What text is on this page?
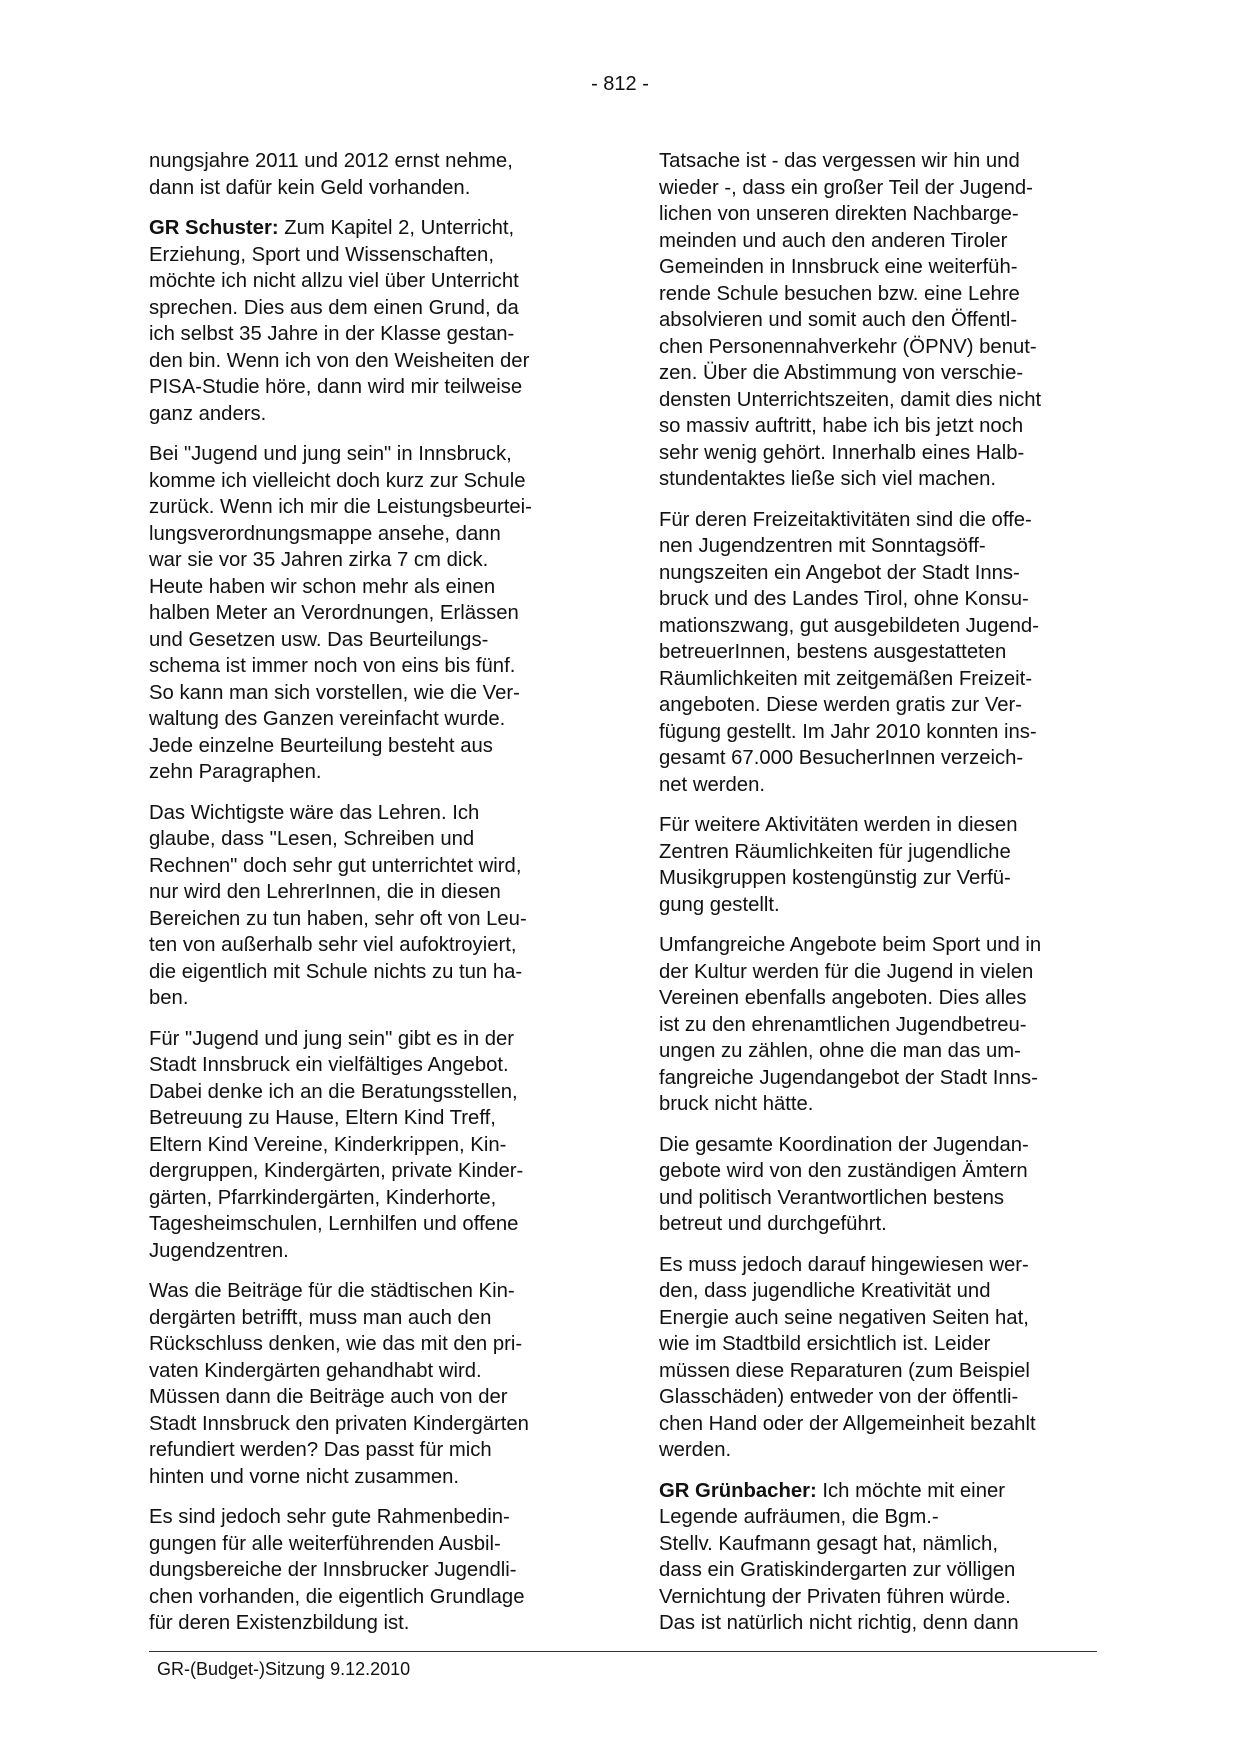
- 812 -

nungsjahre 2011 und 2012 ernst nehme,
dann ist dafür kein Geld vorhanden.

GR Schuster: Zum Kapitel 2, Unterricht,
Erziehung, Sport und Wissenschaften,
möchte ich nicht allzu viel über Unterricht
sprechen. Dies aus dem einen Grund, da
ich selbst 35 Jahre in der Klasse gestan-
den bin. Wenn ich von den Weisheiten der
PISA-Studie höre, dann wird mir teilweise
ganz anders.

Bei "Jugend und jung sein" in Innsbruck,
komme ich vielleicht doch kurz zur Schule
zurück. Wenn ich mir die Leistungsbeurtei-
lungsverordnungsmappe ansehe, dann
war sie vor 35 Jahren zirka 7 cm dick.
Heute haben wir schon mehr als einen
halben Meter an Verordnungen, Erlässen
und Gesetzen usw. Das Beurteilungs-
schema ist immer noch von eins bis fünf.
So kann man sich vorstellen, wie die Ver-
waltung des Ganzen vereinfacht wurde.
Jede einzelne Beurteilung besteht aus
zehn Paragraphen.

Das Wichtigste wäre das Lehren. Ich
glaube, dass "Lesen, Schreiben und
Rechnen" doch sehr gut unterrichtet wird,
nur wird den LehrerInnen, die in diesen
Bereichen zu tun haben, sehr oft von Leu-
ten von außerhalb sehr viel aufoktroyiert,
die eigentlich mit Schule nichts zu tun ha-
ben.

Für "Jugend und jung sein" gibt es in der
Stadt Innsbruck ein vielfältiges Angebot.
Dabei denke ich an die Beratungsstellen,
Betreuung zu Hause, Eltern Kind Treff,
Eltern Kind Vereine, Kinderkrippen, Kin-
dergruppen, Kindergärten, private Kinder-
gärten, Pfarrkindergärten, Kinderhorte,
Tagesheimschulen, Lernhilfen und offene
Jugendzentren.

Was die Beiträge für die städtischen Kin-
dergärten betrifft, muss man auch den
Rückschluss denken, wie das mit den pri-
vaten Kindergärten gehandhabt wird.
Müssen dann die Beiträge auch von der
Stadt Innsbruck den privaten Kindergärten
refundiert werden? Das passt für mich
hinten und vorne nicht zusammen.

Es sind jedoch sehr gute Rahmenbedin-
gungen für alle weiterführenden Ausbil-
dungsbereiche der Innsbrucker Jugendli-
chen vorhanden, die eigentlich Grundlage
für deren Existenzbildung ist.

Tatsache ist - das vergessen wir hin und
wieder -, dass ein großer Teil der Jugend-
lichen von unseren direkten Nachbarge-
meinden und auch den anderen Tiroler
Gemeinden in Innsbruck eine weiterfüh-
rende Schule besuchen bzw. eine Lehre
absolvieren und somit auch den Öffentl-
chen Personennahverkehr (ÖPNV) benut-
zen. Über die Abstimmung von verschie-
densten Unterrichtszeiten, damit dies nicht
so massiv auftritt, habe ich bis jetzt noch
sehr wenig gehört. Innerhalb eines Halb-
stundentaktes ließe sich viel machen.

Für deren Freizeitaktivitäten sind die offe-
nen Jugendzentren mit Sonntagsöff-
nungszeiten ein Angebot der Stadt Inns-
bruck und des Landes Tirol, ohne Konsu-
mationszwang, gut ausgebildeten Jugend-
betreuerInnen, bestens ausgestatteten
Räumlichkeiten mit zeitgemäßen Freizeit-
angeboten. Diese werden gratis zur Ver-
fügung gestellt. Im Jahr 2010 konnten ins-
gesamt 67.000 BesucherInnen verzeich-
net werden.

Für weitere Aktivitäten werden in diesen
Zentren Räumlichkeiten für jugendliche
Musikgruppen kostengünstig zur Verfü-
gung gestellt.

Umfangreiche Angebote beim Sport und in
der Kultur werden für die Jugend in vielen
Vereinen ebenfalls angeboten. Dies alles
ist zu den ehrenamtlichen Jugendbetreu-
ungen zu zählen, ohne die man das um-
fangreiche Jugendangebot der Stadt Inns-
bruck nicht hätte.

Die gesamte Koordination der Jugendan-
gebote wird von den zuständigen Ämtern
und politisch Verantwortlichen bestens
betreut und durchgeführt.

Es muss jedoch darauf hingewiesen wer-
den, dass jugendliche Kreativität und
Energie auch seine negativen Seiten hat,
wie im Stadtbild ersichtlich ist. Leider
müssen diese Reparaturen (zum Beispiel
Glasschäden) entweder von der öffentli-
chen Hand oder der Allgemeinheit bezahlt
werden.

GR Grünbacher: Ich möchte mit einer
Legende aufräumen, die Bgm.-
Stellv. Kaufmann gesagt hat, nämlich,
dass ein Gratiskindergarten zur völligen
Vernichtung der Privaten führen würde.
Das ist natürlich nicht richtig, denn dann

GR-(Budget-)Sitzung 9.12.2010
